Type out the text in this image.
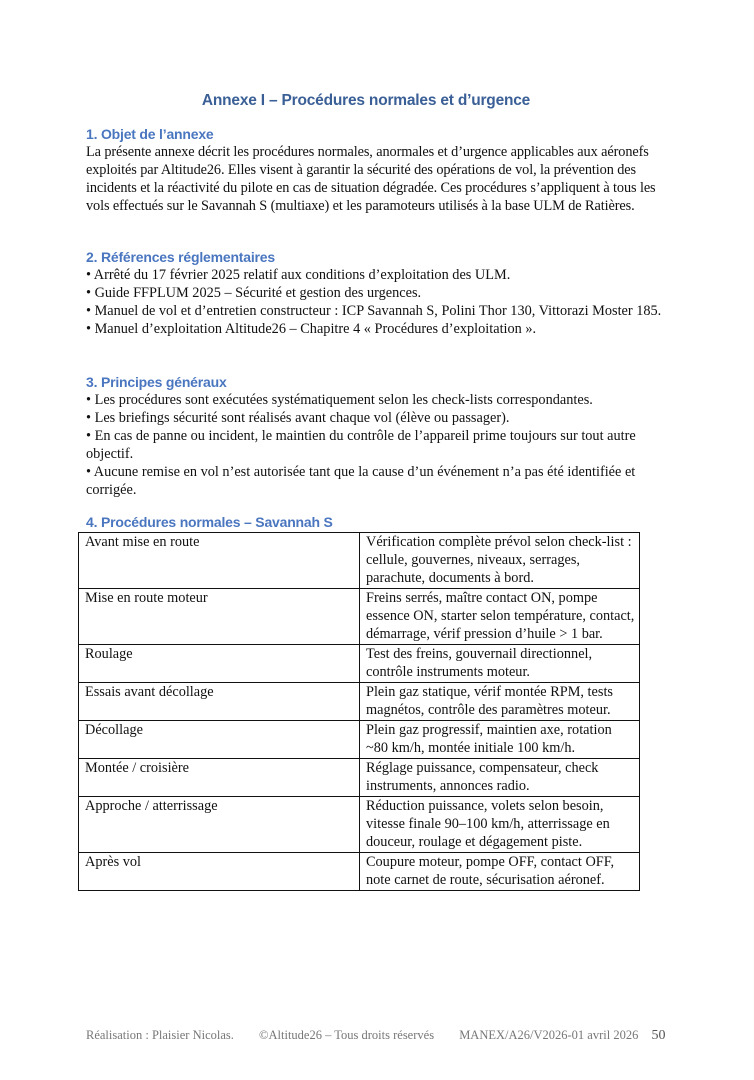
Annexe I – Procédures normales et d’urgence

1. Objet de l’annexe

La présente annexe décrit les procédures normales, anormales et d’urgence applicables aux aéronefs exploités par Altitude26. Elles visent à garantir la sécurité des opérations de vol, la prévention des incidents et la réactivité du pilote en cas de situation dégradée. Ces procédures s’appliquent à tous les vols effectués sur le Savannah S (multiaxe) et les paramoteurs utilisés à la base ULM de Ratières.

2. Références réglementaires

• Arrêté du 17 février 2025 relatif aux conditions d’exploitation des ULM.

• Guide FFPLUM 2025 – Sécurité et gestion des urgences.

• Manuel de vol et d’entretien constructeur : ICP Savannah S, Polini Thor 130, Vittorazi Moster 185.

• Manuel d’exploitation Altitude26 – Chapitre 4 « Procédures d’exploitation ».

3. Principes généraux

• Les procédures sont exécutées systématiquement selon les check-lists correspondantes.

• Les briefings sécurité sont réalisés avant chaque vol (élève ou passager).

• En cas de panne ou incident, le maintien du contrôle de l’appareil prime toujours sur tout autre objectif.

• Aucune remise en vol n’est autorisée tant que la cause d’un événement n’a pas été identifiée et corrigée.

4. Procédures normales – Savannah S

Avant mise en route	Vérification complète prévol selon check-list : cellule, gouvernes, niveaux, serrages, parachute, documents à bord.
Mise en route moteur	Freins serrés, maître contact ON, pompe essence ON, starter selon température, contact, démarrage, vérif pression d’huile > 1 bar.
Roulage	Test des freins, gouvernail directionnel, contrôle instruments moteur.
Essais avant décollage	Plein gaz statique, vérif montée RPM, tests magnétos, contrôle des paramètres moteur.
Décollage	Plein gaz progressif, maintien axe, rotation ~80 km/h, montée initiale 100 km/h.
Montée / croisière	Réglage puissance, compensateur, check instruments, annonces radio.
Approche / atterrissage	Réduction puissance, volets selon besoin, vitesse finale 90–100 km/h, atterrissage en douceur, roulage et dégagement piste.
Après vol	Coupure moteur, pompe OFF, contact OFF, note carnet de route, sécurisation aéronef.
Réalisation : Plaisier Nicolas. ©Altitude26 – Tous droits réservés MANEX/A26/V2026-01 avril 2026 50
